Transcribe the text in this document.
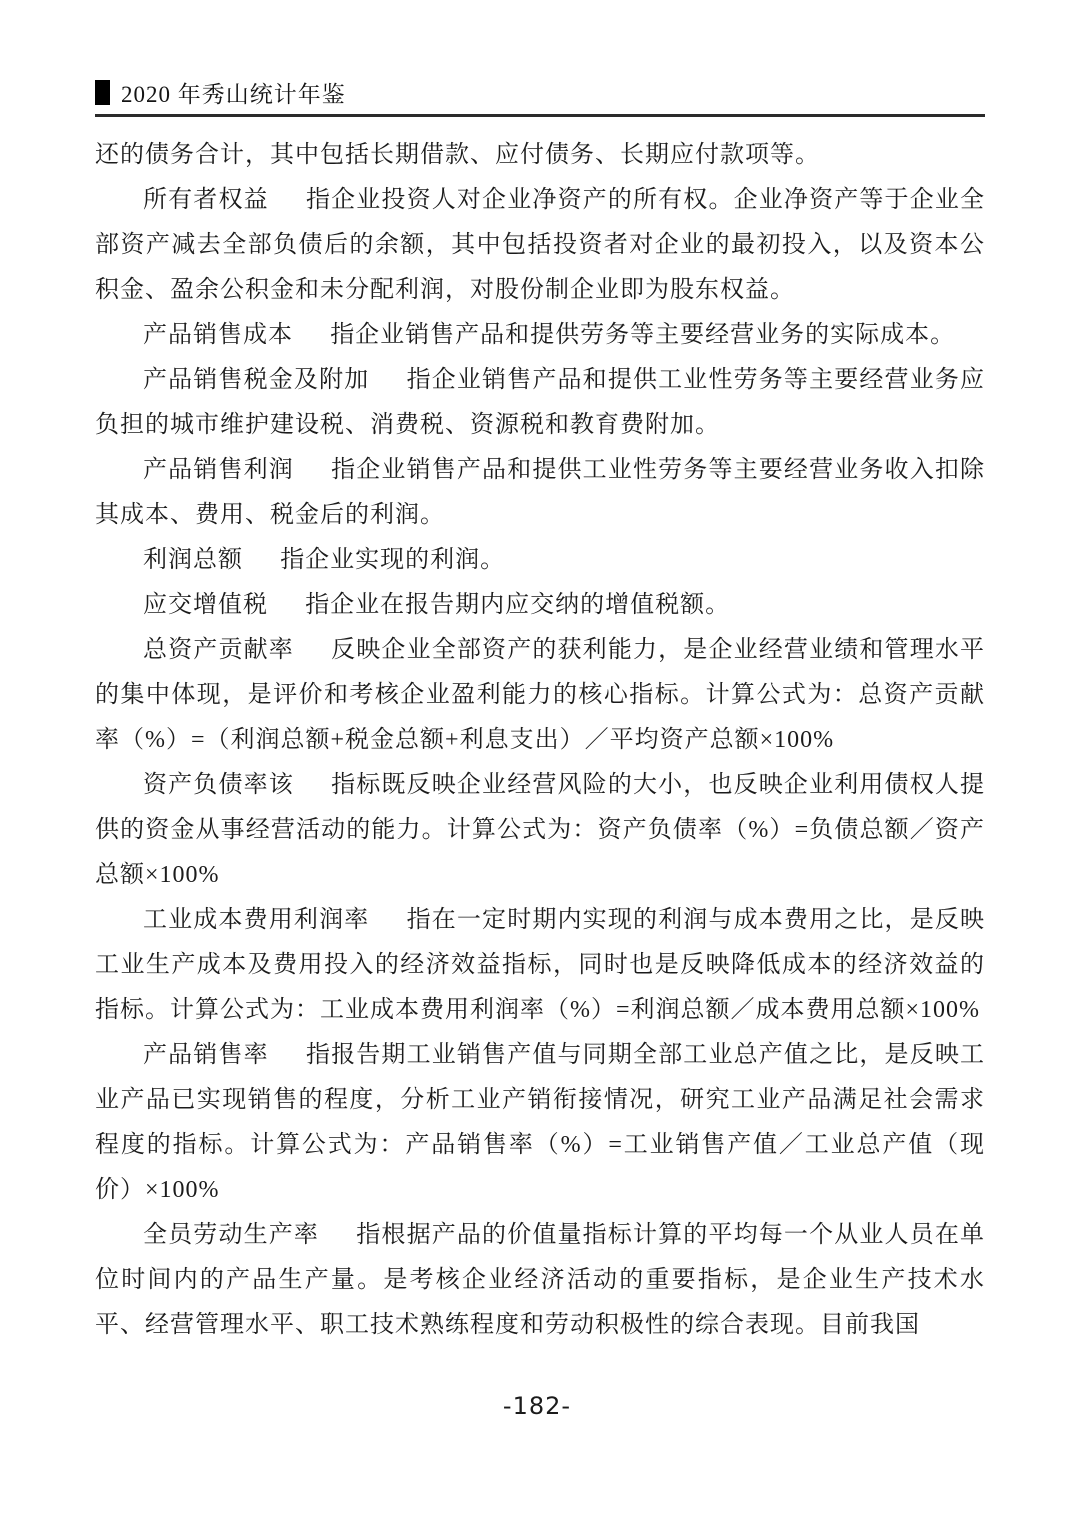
2020 年秀山统计年鉴

还的债务合计，其中包括长期借款、应付债务、长期应付款项等。

所有者权益 指企业投资人对企业净资产的所有权。企业净资产等于企业全部资产减去全部负债后的余额，其中包括投资者对企业的最初投入，以及资本公积金、盈余公积金和未分配利润，对股份制企业即为股东权益。

产品销售成本 指企业销售产品和提供劳务等主要经营业务的实际成本。

产品销售税金及附加 指企业销售产品和提供工业性劳务等主要经营业务应负担的城市维护建设税、消费税、资源税和教育费附加。

产品销售利润 指企业销售产品和提供工业性劳务等主要经营业务收入扣除其成本、费用、税金后的利润。

利润总额 指企业实现的利润。

应交增值税 指企业在报告期内应交纳的增值税额。

总资产贡献率 反映企业全部资产的获利能力，是企业经营业绩和管理水平的集中体现，是评价和考核企业盈利能力的核心指标。计算公式为：总资产贡献率（%）=（利润总额+税金总额+利息支出）／平均资产总额×100%

资产负债率该 指标既反映企业经营风险的大小，也反映企业利用债权人提供的资金从事经营活动的能力。计算公式为：资产负债率（%）=负债总额／资产总额×100%

工业成本费用利润率 指在一定时期内实现的利润与成本费用之比，是反映工业生产成本及费用投入的经济效益指标，同时也是反映降低成本的经济效益的指标。计算公式为：工业成本费用利润率（%）=利润总额／成本费用总额×100%

产品销售率 指报告期工业销售产值与同期全部工业总产值之比，是反映工业产品已实现销售的程度，分析工业产销衔接情况，研究工业产品满足社会需求程度的指标。计算公式为：产品销售率（%）=工业销售产值／工业总产值（现价）×100%

全员劳动生产率 指根据产品的价值量指标计算的平均每一个从业人员在单位时间内的产品生产量。是考核企业经济活动的重要指标，是企业生产技术水平、经营管理水平、职工技术熟练程度和劳动积极性的综合表现。目前我国

-182-
